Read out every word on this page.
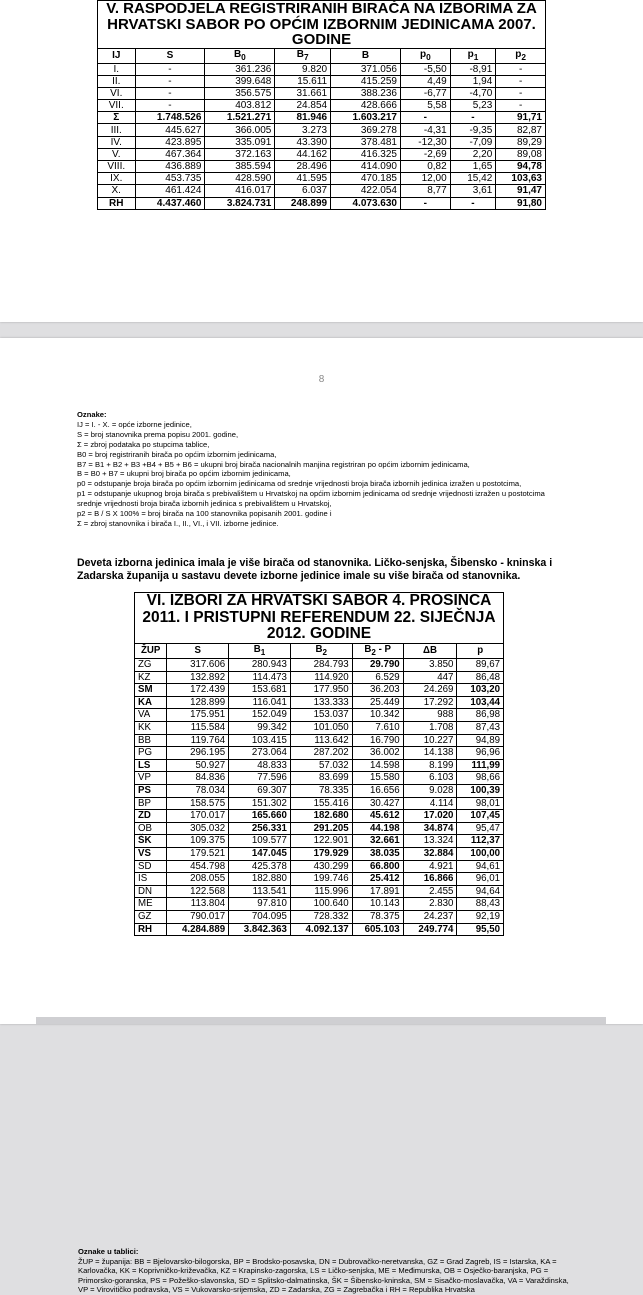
V. RASPODJELA REGISTRIRANIH BIRAČA NA IZBORIMA ZA HRVATSKI SABOR PO OPĆIM IZBORNIM JEDINICAMA 2007. GODINE							
IJ	S	$B_0$	$B_7$	B	$p_0$	$p_1$	$p_2$
I.	-	361.236	9.820	371.056	-5,50	-8,91	-
II.	-	399.648	15.611	415.259	4,49	1,94	-
VI.	-	356.575	31.661	388.236	-6,77	-4,70	-
VII.	-	403.812	24.854	428.666	5,58	5,23	-
Σ	1.748.526	1.521.271	81.946	1.603.217	-	-	91,71
III.	445.627	366.005	3.273	369.278	-4,31	-9,35	82,87
IV.	423.895	335.091	43.390	378.481	-12,30	-7,09	89,29
V.	467.364	372.163	44.162	416.325	-2,69	2,20	89,08
VIII.	436.889	385.594	28.496	414.090	0,82	1,65	94,78
IX.	453.735	428.590	41.595	470.185	12,00	15,42	103,63
X.	461.424	416.017	6.037	422.054	8,77	3,61	91,47
RH	4.437.460	3.824.731	248.899	4.073.630	-	-	91,80
8
Oznake:
IJ = I. - X. = opće izborne jedinice,
S = broj stanovnika prema popisu 2001. godine,
Σ = zbroj podataka po stupcima tablice,
B0 = broj registriranih birača po općim izbornim jedinicama,
B7 = B1 + B2 + B3 +B4 + B5 + B6 = ukupni broj birača nacionalnih manjina registriran po općim izbornim jedinicama,
B = B0 + B7 = ukupni broj birača po općim izbornim jedinicama,
p0 = odstupanje broja birača po općim izbornim jedinicama od srednje vrijednosti broja birača izbornih jedinica izražen u postotcima,
p1 = odstupanje ukupnog broja birača s prebivalištem u Hrvatskoj na općim izbornim jedinicama od srednje vrijednosti izražen u postotcima srednje vrijednosti broja birača izbornih jedinica s prebivalištem u Hrvatskoj,
p2 = B / S X 100% = broj birača na 100 stanovnika popisanih 2001. godine i
Σ = zbroj stanovnika i birača I., II., VI., i VII. izborne jedinice.
Deveta izborna jedinica imala je više birača od stanovnika. Ličko-senjska, Šibensko - kninska i Zadarska županija u sastavu devete izborne jedinice imale su više birača od stanovnika.
VI. IZBORI ZA HRVATSKI SABOR 4. PROSINCA 2011. I PRISTUPNI REFERENDUM 22. SIJEČNJA 2012. GODINE						
ŽUP	S	$B_1$	$B_2$	$B_2$ - P	ΔB	p
ZG	317.606	280.943	284.793	29.790	3.850	89,67
KZ	132.892	114.473	114.920	6.529	447	86,48
SM	172.439	153.681	177.950	36.203	24.269	103,20
KA	128.899	116.041	133.333	25.449	17.292	103,44
VA	175.951	152.049	153.037	10.342	988	86,98
KK	115.584	99.342	101.050	7.610	1.708	87,43
BB	119.764	103.415	113.642	16.790	10.227	94,89
PG	296.195	273.064	287.202	36.002	14.138	96,96
LS	50.927	48.833	57.032	14.598	8.199	111,99
VP	84.836	77.596	83.699	15.580	6.103	98,66
PS	78.034	69.307	78.335	16.656	9.028	100,39
BP	158.575	151.302	155.416	30.427	4.114	98,01
ZD	170.017	165.660	182.680	45.612	17.020	107,45
OB	305.032	256.331	291.205	44.198	34.874	95,47
ŠK	109.375	109.577	122.901	32.661	13.324	112,37
VS	179.521	147.045	179.929	38.035	32.884	100,00
SD	454.798	425.378	430.299	66.800	4.921	94,61
IS	208.055	182.880	199.746	25.412	16.866	96,01
DN	122.568	113.541	115.996	17.891	2.455	94,64
ME	113.804	97.810	100.640	10.143	2.830	88,43
GZ	790.017	704.095	728.332	78.375	24.237	92,19
RH	4.284.889	3.842.363	4.092.137	605.103	249.774	95,50
Oznake u tablici:
ŽUP = županija: BB = Bjelovarsko-bilogorska, BP = Brodsko-posavska, DN = Dubrovačko-neretvanska, GZ = Grad Zagreb, IS = Istarska, KA = Karlovačka, KK = Koprivničko-križevačka, KZ = Krapinsko-zagorska, LS = Ličko-senjska, ME = Međimurska, OB = Osječko-baranjska, PG = Primorsko-goranska, PS = Požeško-slavonska, SD = Splitsko-dalmatinska, ŠK = Šibensko-kninska, SM = Sisačko-moslavačka, VA = Varaždinska, VP = Virovitičko podravska, VS = Vukovarsko-srijemska, ZD = Zadarska, ZG = Zagrebačka i RH = Republika Hrvatska
